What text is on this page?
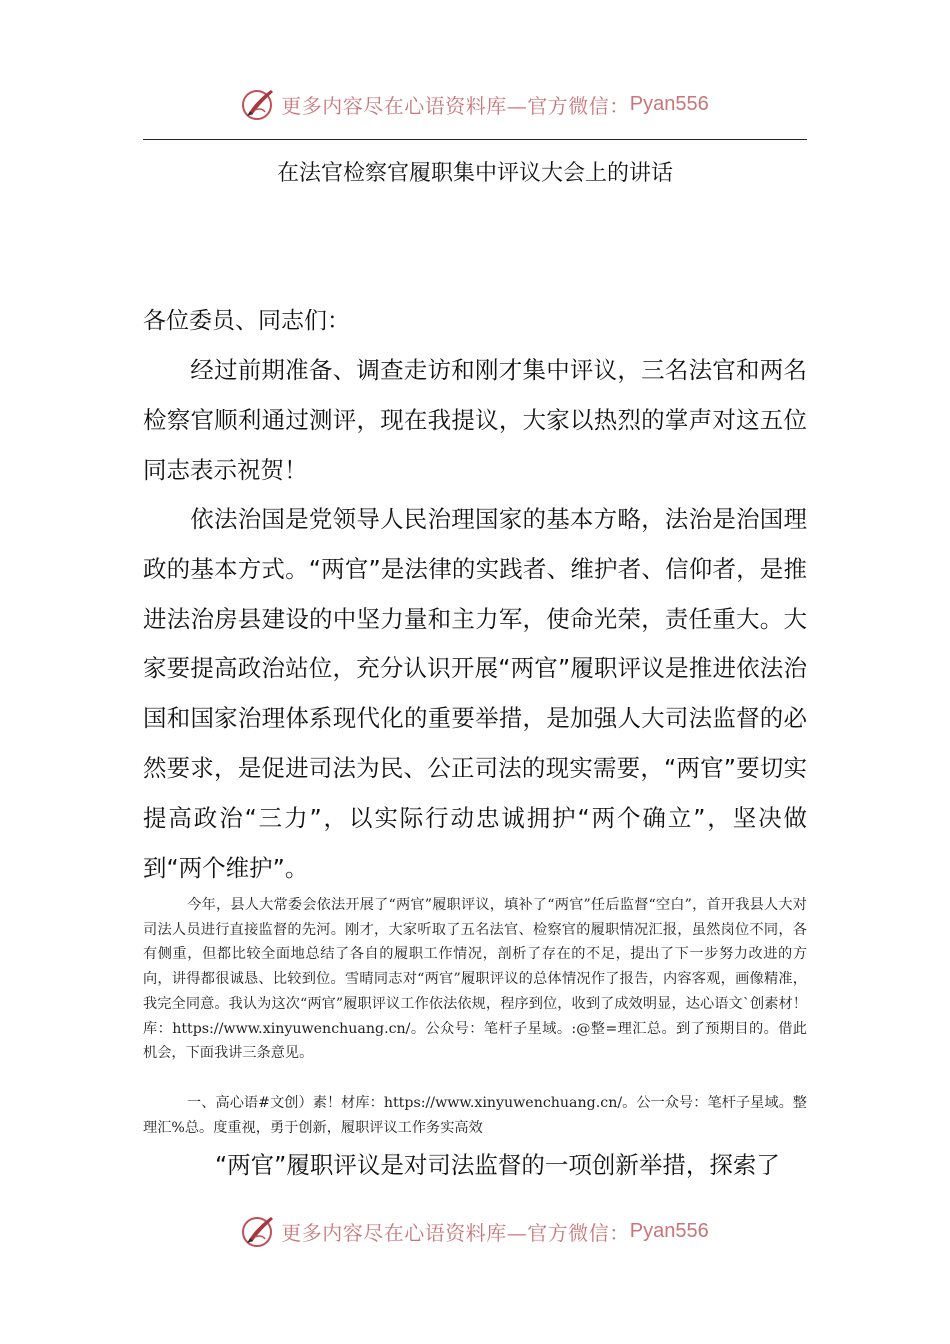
更多内容尽在心语资料库—官方微信： Pyan556
在法官检察官履职集中评议大会上的讲话
各位委员、同志们：
经过前期准备、调查走访和刚才集中评议，三名法官和两名检察官顺利通过测评，现在我提议，大家以热烈的掌声对这五位同志表示祝贺！
依法治国是党领导人民治理国家的基本方略，法治是治国理政的基本方式。“两官”是法律的实践者、维护者、信仰者，是推进法治房县建设的中坚力量和主力军，使命光荣，责任重大。大家要提高政治站位，充分认识开展“两官”履职评议是推进依法治国和国家治理体系现代化的重要举措，是加强人大司法监督的必然要求，是促进司法为民、公正司法的现实需要，“两官”要切实提高政治“三力”，以实际行动忠诚拥护“两个确立”，坚决做到“两个维护”。
今年，县人大常委会依法开展了“两官”履职评议，填补了“两官”任后监督“空白”，首开我县人大对司法人员进行直接监督的先河。刚才，大家听取了五名法官、检察官的履职情况汇报，虽然岗位不同，各有侧重，但都比较全面地总结了各自的履职工作情况，剖析了存在的不足，提出了下一步努力改进的方向，讲得都很诚恳、比较到位。雪晴同志对“两官”履职评议的总体情况作了报告，内容客观，画像精准，我完全同意。我认为这次“两官”履职评议工作依法依规，程序到位，收到了成效明显，达心语文`创素材！库：https://www.xinyuwenchuang.cn/。公众号：笔杆子星域。:@整=理汇总。到了预期目的。借此机会，下面我讲三条意见。
一、高心语#文创）素！材库：https://www.xinyuwenchuang.cn/。公一众号：笔杆子星域。整理汇%总。度重视，勇于创新，履职评议工作务实高效
“两官”履职评议是对司法监督的一项创新举措，探索了
更多内容尽在心语资料库—官方微信： Pyan556
